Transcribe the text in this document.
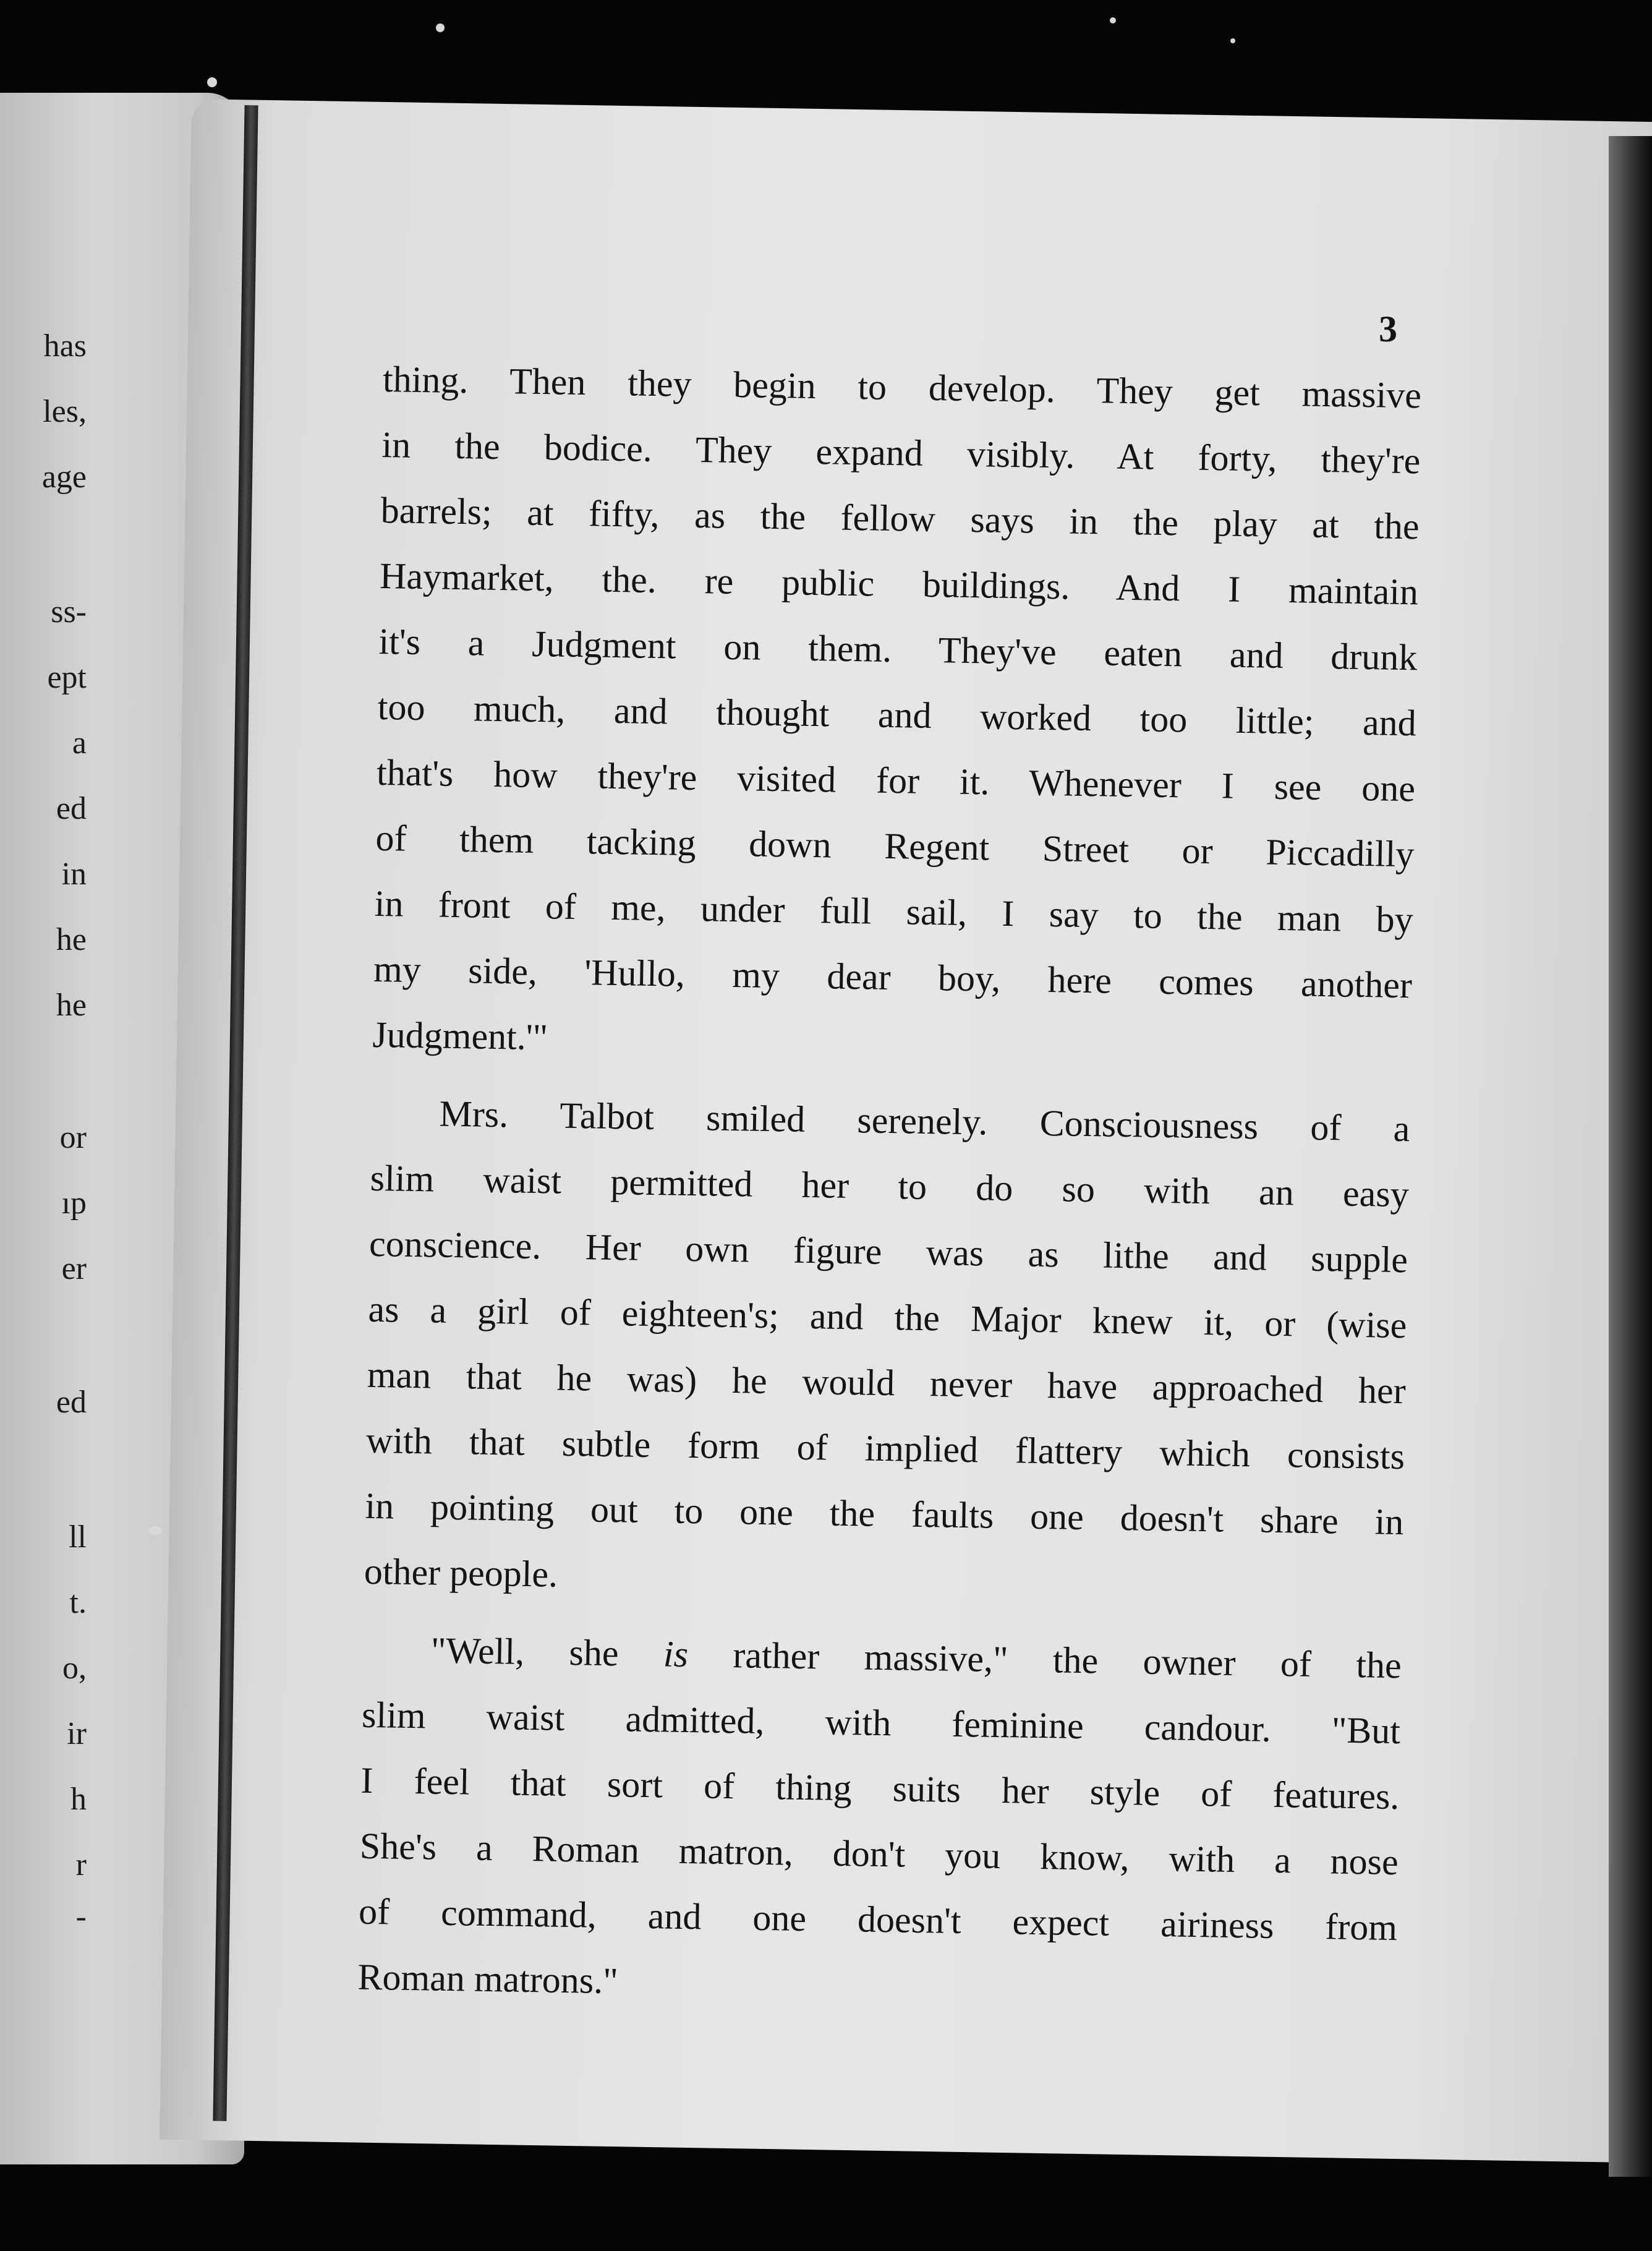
has
les,
age
ss-
ept
a
ed
in
he
he
or
ıp
er
ed
ll
t.
o,
ir
h
r
-
3
thing. Then they begin to develop. They get massive
in the bodice. They expand visibly. At forty, they're
barrels; at fifty, as the fellow says in the play at the
Haymarket, the. re public buildings. And I maintain
it's a Judgment on them. They've eaten and drunk
too much, and thought and worked too little; and
that's how they're visited for it. Whenever I see one
of them tacking down Regent Street or Piccadilly
in front of me, under full sail, I say to the man by
my side, 'Hullo, my dear boy, here comes another
Judgment.'"
Mrs. Talbot smiled serenely. Consciousness of a
slim waist permitted her to do so with an easy
conscience. Her own figure was as lithe and supple
as a girl of eighteen's; and the Major knew it, or (wise
man that he was) he would never have approached her
with that subtle form of implied flattery which consists
in pointing out to one the faults one doesn't share in
other people.
"Well, she is rather massive," the owner of the
slim waist admitted, with feminine candour. "But
I feel that sort of thing suits her style of features.
She's a Roman matron, don't you know, with a nose
of command, and one doesn't expect airiness from
Roman matrons."
